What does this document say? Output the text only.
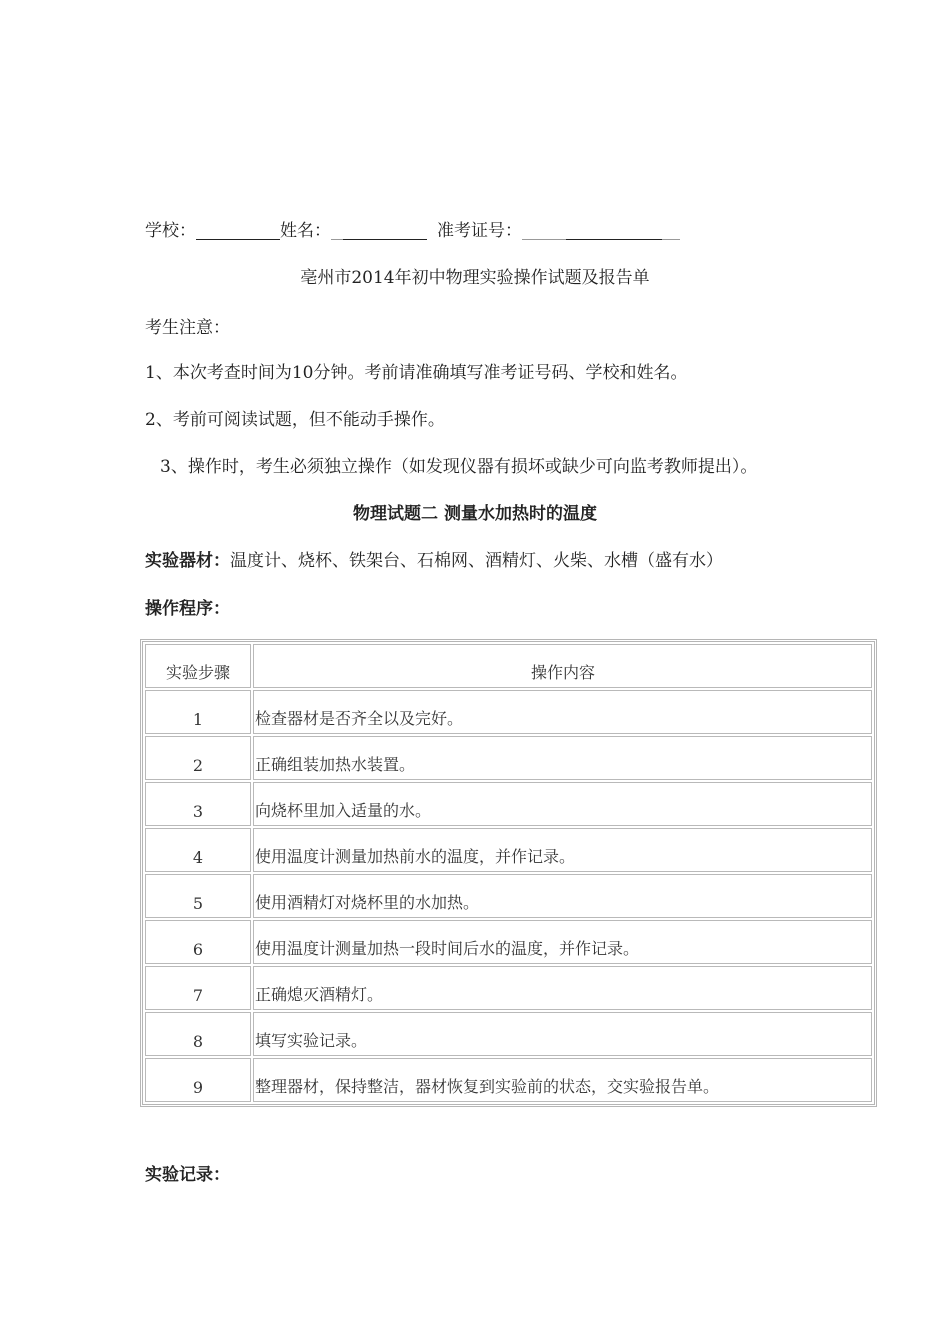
学校：	姓名：	准考证号：
亳州市2014年初中物理实验操作试题及报告单
考生注意：
1、本次考查时间为10分钟。考前请准确填写准考证号码、学校和姓名。
2、考前可阅读试题，但不能动手操作。
3、操作时，考生必须独立操作（如发现仪器有损坏或缺少可向监考教师提出）。
物理试题二 测量水加热时的温度
实验器材：温度计、烧杯、铁架台、石棉网、酒精灯、火柴、水槽（盛有水）
操作程序：
实验步骤	操作内容
1	检查器材是否齐全以及完好。
2	正确组装加热水装置。
3	向烧杯里加入适量的水。
4	使用温度计测量加热前水的温度，并作记录。
5	使用酒精灯对烧杯里的水加热。
6	使用温度计测量加热一段时间后水的温度，并作记录。
7	正确熄灭酒精灯。
8	填写实验记录。
9	整理器材，保持整洁，器材恢复到实验前的状态，交实验报告单。
实验记录：
